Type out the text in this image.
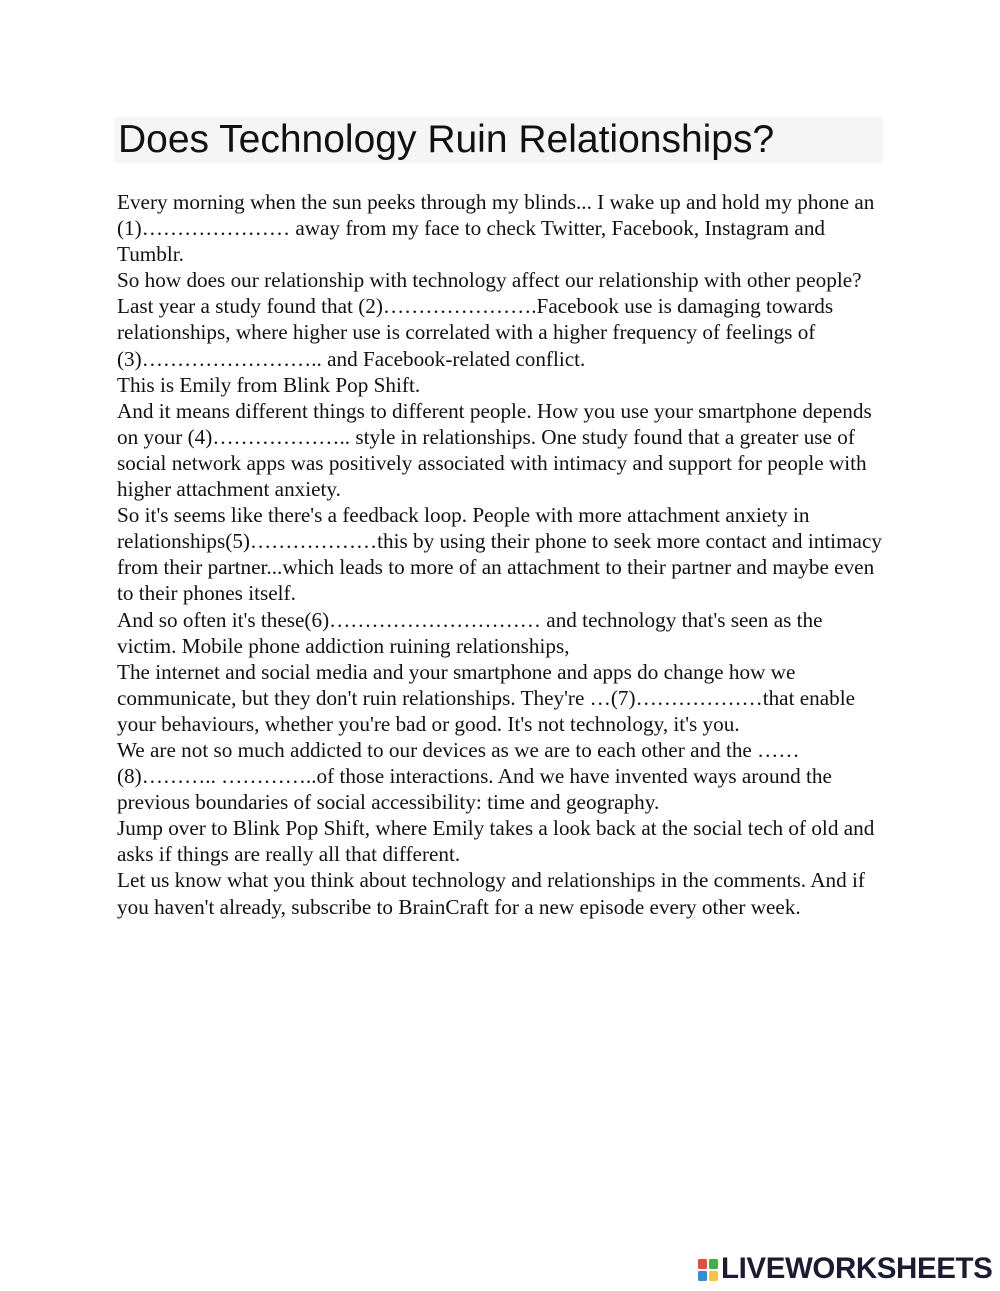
Does Technology Ruin Relationships?

Every morning when the sun peeks through my blinds... I wake up and hold my phone an (1)………………… away from my face to check Twitter, Facebook, Instagram and Tumblr.

So how does our relationship with technology affect our relationship with other people?

Last year a study found that (2)………………….Facebook use is damaging towards relationships, where higher use is correlated with a higher frequency of feelings of (3)…………………….. and Facebook-related conflict.

This is Emily from Blink Pop Shift.

And it means different things to different people. How you use your smartphone depends on your (4)……………….. style in relationships. One study found that a greater use of social network apps was positively associated with intimacy and support for people with higher attachment anxiety.

So it's seems like there's a feedback loop. People with more attachment anxiety in relationships(5)………………this by using their phone to seek more contact and intimacy from their partner...which leads to more of an attachment to their partner and maybe even to their phones itself.

And so often it's these(6)………………………… and technology that's seen as the victim. Mobile phone addiction ruining relationships,

The internet and social media and your smartphone and apps do change how we communicate, but they don't ruin relationships. They're …(7)………………that enable your behaviours, whether you're bad or good. It's not technology, it's you.

We are not so much addicted to our devices as we are to each other and the ……(8)……….. …………..of those interactions. And we have invented ways around the previous boundaries of social accessibility: time and geography.

Jump over to Blink Pop Shift, where Emily takes a look back at the social tech of old and asks if things are really all that different.

Let us know what you think about technology and relationships in the comments. And if you haven't already, subscribe to BrainCraft for a new episode every other week.

LIVEWORKSHEETS
